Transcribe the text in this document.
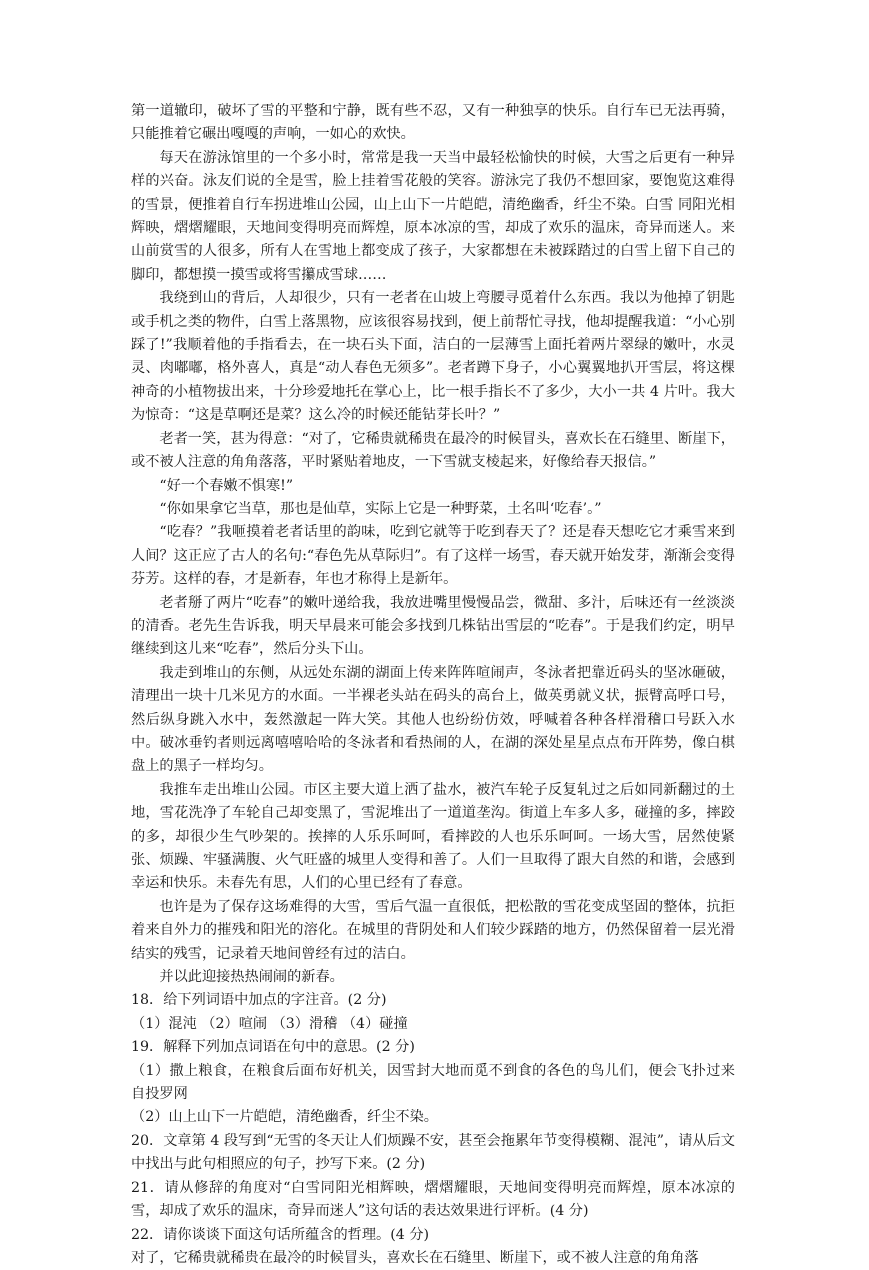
第一道辙印，破坏了雪的平整和宁静，既有些不忍，又有一种独享的快乐。自行车已无法再骑，只能推着它碾出嘎嘎的声响，一如心的欢快。

每天在游泳馆里的一个多小时，常常是我一天当中最轻松愉快的时候，大雪之后更有一种异样的兴奋。泳友们说的全是雪，脸上挂着雪花般的笑容。游泳完了我仍不想回家，要饱览这难得的雪景，便推着自行车拐进堆山公园，山上山下一片皑皑，清绝幽香，纤尘不染。白雪 同阳光相辉映，熠熠耀眼，天地间变得明亮而辉煌，原本冰凉的雪，却成了欢乐的温床，奇异而迷人。来山前赏雪的人很多，所有人在雪地上都变成了孩子，大家都想在未被踩踏过的白雪上留下自己的脚印，都想摸一摸雪或将雪攥成雪球……

我绕到山的背后，人却很少，只有一老者在山坡上弯腰寻觅着什么东西。我以为他掉了钥匙或手机之类的物件，白雪上落黑物，应该很容易找到，便上前帮忙寻找，他却提醒我道：“小心别踩了!”我顺着他的手指看去，在一块石头下面，洁白的一层薄雪上面托着两片翠绿的嫩叶，水灵灵、肉嘟嘟，格外喜人，真是“动人春色无须多”。老者蹲下身子，小心翼翼地扒开雪层，将这棵神奇的小植物拔出来，十分珍爱地托在掌心上，比一根手指长不了多少，大小一共 4 片叶。我大为惊奇：“这是草啊还是菜？这么冷的时候还能钻芽长叶？”

老者一笑，甚为得意：“对了，它稀贵就稀贵在最冷的时候冒头，喜欢长在石缝里、断崖下，或不被人注意的角角落落，平时紧贴着地皮，一下雪就支棱起来，好像给春天报信。”

“好一个春嫩不惧寒!”

“你如果拿它当草，那也是仙草，实际上它是一种野菜，土名叫‘吃春’。”

“吃春？”我咂摸着老者话里的韵味，吃到它就等于吃到春天了？还是春天想吃它才乘雪来到人间？这正应了古人的名句:“春色先从草际归”。有了这样一场雪，春天就开始发芽，渐渐会变得芬芳。这样的春，才是新春，年也才称得上是新年。

老者掰了两片“吃春”的嫩叶递给我，我放进嘴里慢慢品尝，微甜、多汁，后味还有一丝淡淡的清香。老先生告诉我，明天早晨来可能会多找到几株钻出雪层的“吃春”。于是我们约定，明早继续到这儿来“吃春”，然后分头下山。

我走到堆山的东侧，从远处东湖的湖面上传来阵阵喧闹声，冬泳者把靠近码头的坚冰砸破，清理出一块十几米见方的水面。一半裸老头站在码头的高台上，做英勇就义状，振臂高呼口号，然后纵身跳入水中，轰然激起一阵大笑。其他人也纷纷仿效，呼喊着各种各样滑稽口号跃入水中。破冰垂钓者则远离嘻嘻哈哈的冬泳者和看热闹的人，在湖的深处星星点点布开阵势，像白棋盘上的黑子一样均匀。

我推车走出堆山公园。市区主要大道上洒了盐水，被汽车轮子反复轧过之后如同新翻过的土地，雪花洗净了车轮自己却变黑了，雪泥堆出了一道道垄沟。街道上车多人多，碰撞的多，摔跤的多，却很少生气吵架的。挨摔的人乐乐呵呵，看摔跤的人也乐乐呵呵。一场大雪，居然使紧张、烦躁、牢骚满腹、火气旺盛的城里人变得和善了。人们一旦取得了跟大自然的和谐，会感到幸运和快乐。未春先有思，人们的心里已经有了春意。

也许是为了保存这场难得的大雪，雪后气温一直很低，把松散的雪花变成坚固的整体，抗拒着来自外力的摧残和阳光的溶化。在城里的背阴处和人们较少踩踏的地方，仍然保留着一层光滑结实的残雪，记录着天地间曾经有过的洁白。

并以此迎接热热闹闹的新春。

18．给下列词语中加点的字注音。(2 分)

（1）混沌 （2）喧闹 （3）滑稽 （4）碰撞

19．解释下列加点词语在句中的意思。(2 分)

（1）撒上粮食，在粮食后面布好机关，因雪封大地而觅不到食的各色的鸟儿们，便会飞扑过来自投罗网

（2）山上山下一片皑皑，清绝幽香，纤尘不染。

20．文章第 4 段写到“无雪的冬天让人们烦躁不安，甚至会拖累年节变得模糊、混沌”，请从后文中找出与此句相照应的句子，抄写下来。(2 分)

21．请从修辞的角度对“白雪同阳光相辉映，熠熠耀眼，天地间变得明亮而辉煌，原本冰凉的雪，却成了欢乐的温床，奇异而迷人”这句话的表达效果进行评析。(4 分)

22．请你谈谈下面这句话所蕴含的哲理。(4 分)

对了，它稀贵就稀贵在最冷的时候冒头，喜欢长在石缝里、断崖下，或不被人注意的角角落
